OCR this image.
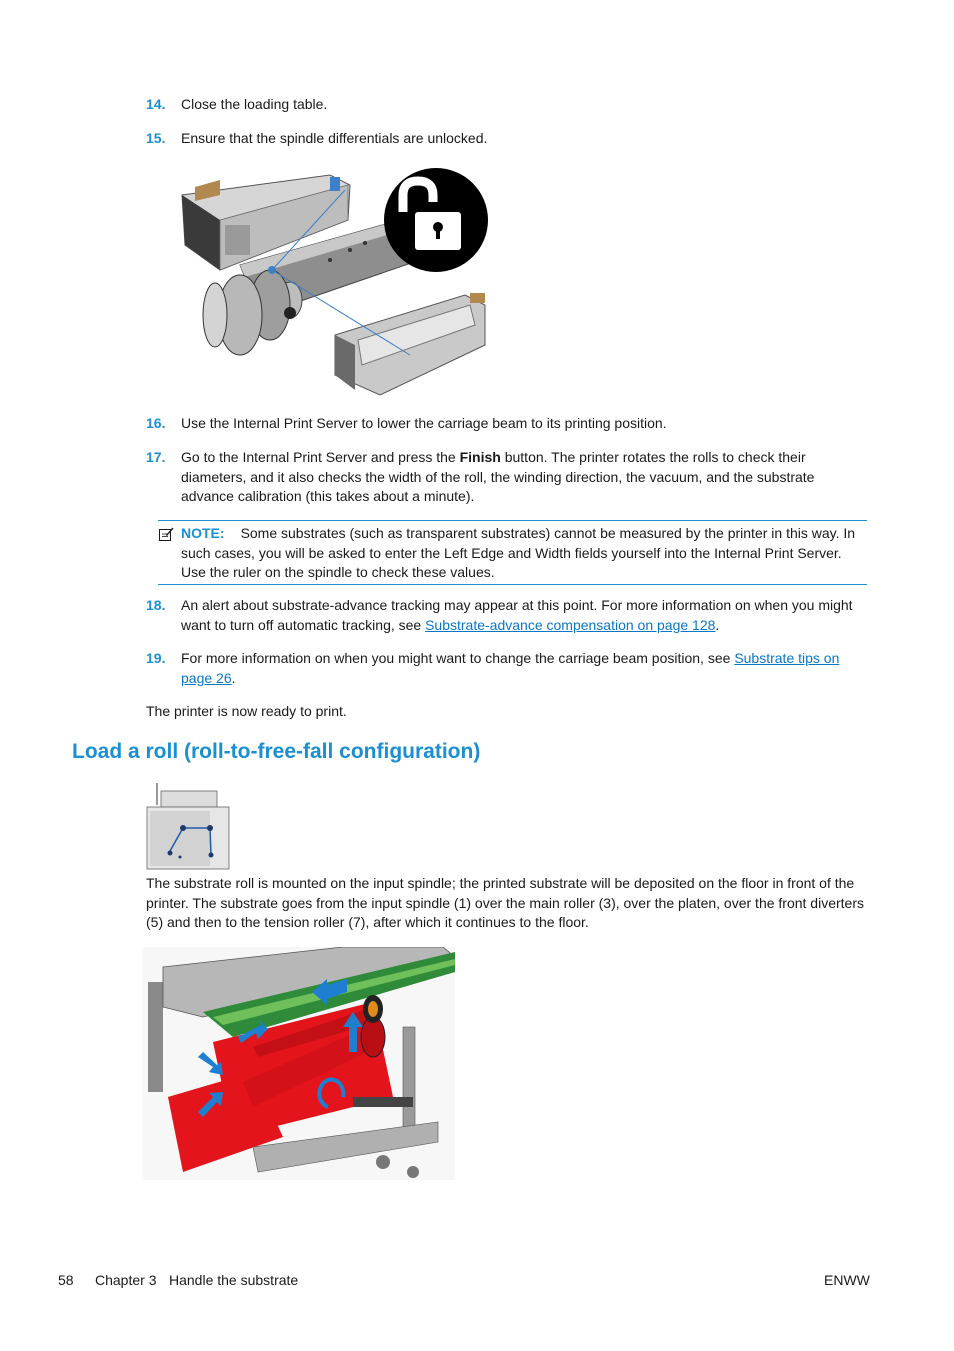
14. Close the loading table.
15. Ensure that the spindle differentials are unlocked.
16. Use the Internal Print Server to lower the carriage beam to its printing position.
17. Go to the Internal Print Server and press the Finish button. The printer rotates the rolls to check their diameters, and it also checks the width of the roll, the winding direction, the vacuum, and the substrate advance calibration (this takes about a minute).
NOTE: Some substrates (such as transparent substrates) cannot be measured by the printer in this way. In such cases, you will be asked to enter the Left Edge and Width fields yourself into the Internal Print Server. Use the ruler on the spindle to check these values.
18. An alert about substrate-advance tracking may appear at this point. For more information on when you might want to turn off automatic tracking, see Substrate-advance compensation on page 128.
19. For more information on when you might want to change the carriage beam position, see Substrate tips on page 26.
The printer is now ready to print.
Load a roll (roll-to-free-fall configuration)
The substrate roll is mounted on the input spindle; the printed substrate will be deposited on the floor in front of the printer. The substrate goes from the input spindle (1) over the main roller (3), over the platen, over the front diverters (5) and then to the tension roller (7), after which it continues to the floor.
58 Chapter 3 Handle the substrate	ENWW
